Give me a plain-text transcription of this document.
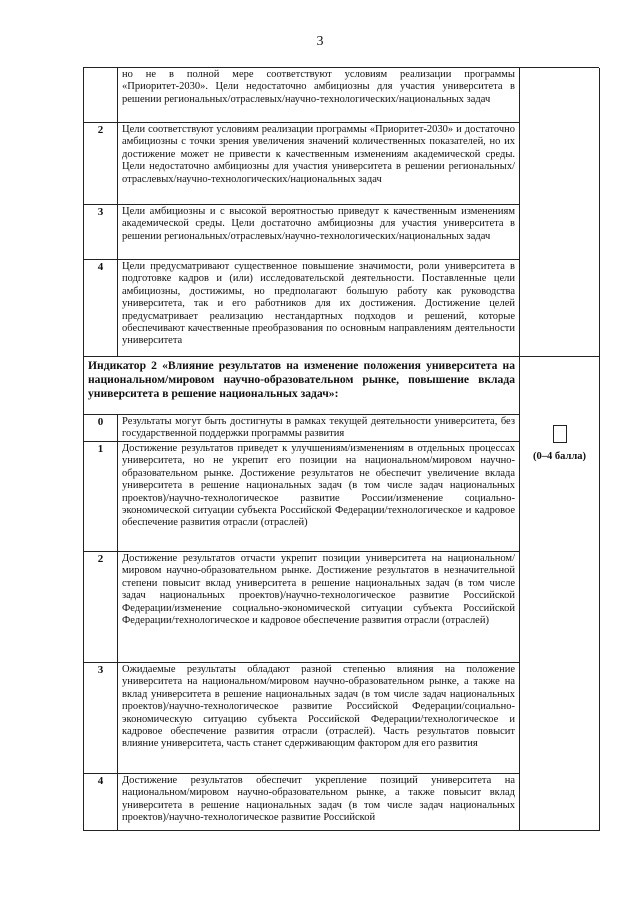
3
но не в полной мере соответствуют условиям реализации программы «Приоритет-2030». Цели недостаточно амбициозны для участия университета в решении региональных/отраслевых/научно-технологических/национальных задач
2	Цели соответствуют условиям реализации программы «Приоритет-2030» и достаточно амбициозны с точки зрения увеличения значений количественных показателей, но их достижение может не привести к качественным изменениям академической среды. Цели недостаточно амбициозны для участия университета в решении региональных/отраслевых/научно-технологических/национальных задач
3	Цели амбициозны и с высокой вероятностью приведут к качественным изменениям академической среды. Цели достаточно амбициозны для участия университета в решении региональных/отраслевых/научно-технологических/национальных задач
4	Цели предусматривают существенное повышение значимости, роли университета в подготовке кадров и (или) исследовательской деятельности. Поставленные цели амбициозны, достижимы, но предполагают большую работу как руководства университета, так и его работников для их достижения. Достижение целей предусматривает реализацию нестандартных подходов и решений, которые обеспечивают качественные преобразования по основным направлениям деятельности университета
Индикатор 2 «Влияние результатов на изменение положения университета на национальном/мировом научно-образовательном рынке, повышение вклада университета в решение национальных задач»:
0	Результаты могут быть достигнуты в рамках текущей деятельности университета, без государственной поддержки программы развития
1	Достижение результатов приведет к улучшениям/изменениям в отдельных процессах университета, но не укрепит его позиции на национальном/мировом научно-образовательном рынке. Достижение результатов не обеспечит увеличение вклада университета в решение национальных задач (в том числе задач национальных проектов)/научно-технологическое развитие России/изменение социально-экономической ситуации субъекта Российской Федерации/технологическое и кадровое обеспечение развития отрасли (отраслей)
2	Достижение результатов отчасти укрепит позиции университета на национальном/мировом научно-образовательном рынке. Достижение результатов в незначительной степени повысит вклад университета в решение национальных задач (в том числе задач национальных проектов)/научно-технологическое развитие Российской Федерации/изменение социально-экономической ситуации субъекта Российской Федерации/технологическое и кадровое обеспечение развития отрасли (отраслей)
3	Ожидаемые результаты обладают разной степенью влияния на положение университета на национальном/мировом научно-образовательном рынке, а также на вклад университета в решение национальных задач (в том числе задач национальных проектов)/научно-технологическое развитие Российской Федерации/социально-экономическую ситуацию субъекта Российской Федерации/технологическое и кадровое обеспечение развития отрасли (отраслей). Часть результатов повысит влияние университета, часть станет сдерживающим фактором для его развития
4	Достижение результатов обеспечит укрепление позиций университета на национальном/мировом научно-образовательном рынке, а также повысит вклад университета в решение национальных задач (в том числе задач национальных проектов)/научно-технологическое развитие Российской
(0–4 балла)
